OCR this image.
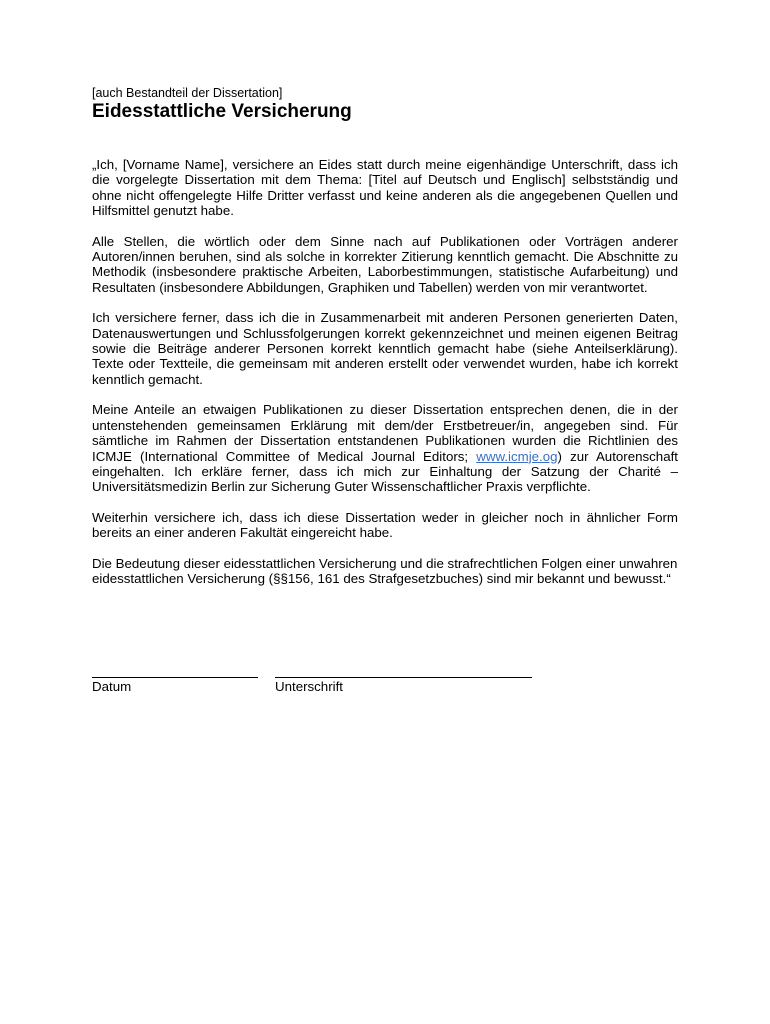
[auch Bestandteil der Dissertation]

Eidesstattliche Versicherung

„Ich, [Vorname Name], versichere an Eides statt durch meine eigenhändige Unterschrift, dass ich die vorgelegte Dissertation mit dem Thema: [Titel auf Deutsch und Englisch] selbstständig und ohne nicht offengelegte Hilfe Dritter verfasst und keine anderen als die angegebenen Quellen und Hilfsmittel genutzt habe.

Alle Stellen, die wörtlich oder dem Sinne nach auf Publikationen oder Vorträgen anderer Autoren/innen beruhen, sind als solche in korrekter Zitierung kenntlich gemacht. Die Abschnitte zu Methodik (insbesondere praktische Arbeiten, Laborbestimmungen, statistische Aufarbeitung) und Resultaten (insbesondere Abbildungen, Graphiken und Tabellen) werden von mir verantwortet.

Ich versichere ferner, dass ich die in Zusammenarbeit mit anderen Personen generierten Daten, Datenauswertungen und Schlussfolgerungen korrekt gekennzeichnet und meinen eigenen Beitrag sowie die Beiträge anderer Personen korrekt kenntlich gemacht habe (siehe Anteilserklärung). Texte oder Textteile, die gemeinsam mit anderen erstellt oder verwendet wurden, habe ich korrekt kenntlich gemacht.

Meine Anteile an etwaigen Publikationen zu dieser Dissertation entsprechen denen, die in der untenstehenden gemeinsamen Erklärung mit dem/der Erstbetreuer/in, angegeben sind. Für sämtliche im Rahmen der Dissertation entstandenen Publikationen wurden die Richtlinien des ICMJE (International Committee of Medical Journal Editors; www.icmje.og) zur Autorenschaft eingehalten. Ich erkläre ferner, dass ich mich zur Einhaltung der Satzung der Charité – Universitätsmedizin Berlin zur Sicherung Guter Wissenschaftlicher Praxis verpflichte.

Weiterhin versichere ich, dass ich diese Dissertation weder in gleicher noch in ähnlicher Form bereits an einer anderen Fakultät eingereicht habe.

Die Bedeutung dieser eidesstattlichen Versicherung und die strafrechtlichen Folgen einer unwahren eidesstattlichen Versicherung (§§156, 161 des Strafgesetzbuches) sind mir bekannt und bewusst.“

Datum	Unterschrift
